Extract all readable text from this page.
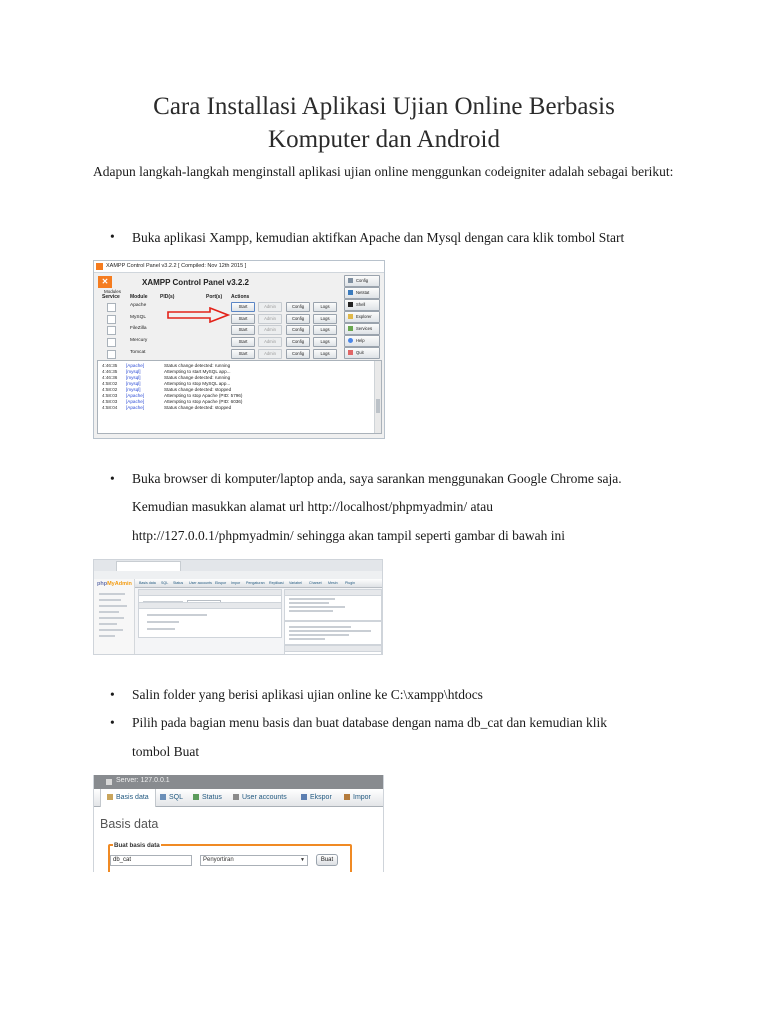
Cara Installasi Aplikasi Ujian Online Berbasis
Komputer dan Android
Adapun langkah-langkah menginstall aplikasi ujian online menggunkan codeigniter adalah sebagai berikut:
• Buka aplikasi Xampp, kemudian aktifkan Apache dan Mysql dengan cara klik tombol Start
XAMPP Control Panel v3.2.2 [ Compiled: Nov 12th 2015 ]
✕	XAMPP Control Panel v3.2.2
Modules
Service Module	PID(s)	Port(s) Actions
Apache	Start	Admin	Config	Logs
MySQL	Start	Admin	Config	Logs
FileZilla	Start	Admin	Config	Logs
Mercury	Start	Admin	Config	Logs
Tomcat	Start	Admin	Config	Logs
Config
Netstat
Shell
Explorer
Services
Help
Quit
4:46:35 [Apache]	Status change detected: running
4:46:35 [mysql]	Attempting to start MySQL app...
4:46:36 [mysql]	Status change detected: running
4:58:02 [mysql]	Attempting to stop MySQL app...
4:58:02 [mysql]	Status change detected: stopped
4:58:03 [Apache]	Attempting to stop Apache (PID: 5796)
4:58:03 [Apache]	Attempting to stop Apache (PID: 6036)
4:58:04 [Apache]	Status change detected: stopped
• Buka browser di komputer/laptop anda, saya sarankan menggunakan Google Chrome saja.
Kemudian masukkan alamat url http://localhost/phpmyadmin/ atau
http://127.0.0.1/phpmyadmin/ sehingga akan tampil seperti gambar di bawah ini
phpMyAdmin Basis data SQL Status User accounts Ekspor Impor Pengaturan Replikasi Variabel Charset Mesin Plugin
• Salin folder yang berisi aplikasi ujian online ke C:\xampp\htdocs
• Pilih pada bagian menu basis dan buat database dengan nama db_cat dan kemudian klik
tombol Buat
Server: 127.0.0.1
Basis data	SQL	Status	User accounts	Ekspor	Impor
Basis data
Buat basis data
db_cat	Penyortiran	▼	Buat
